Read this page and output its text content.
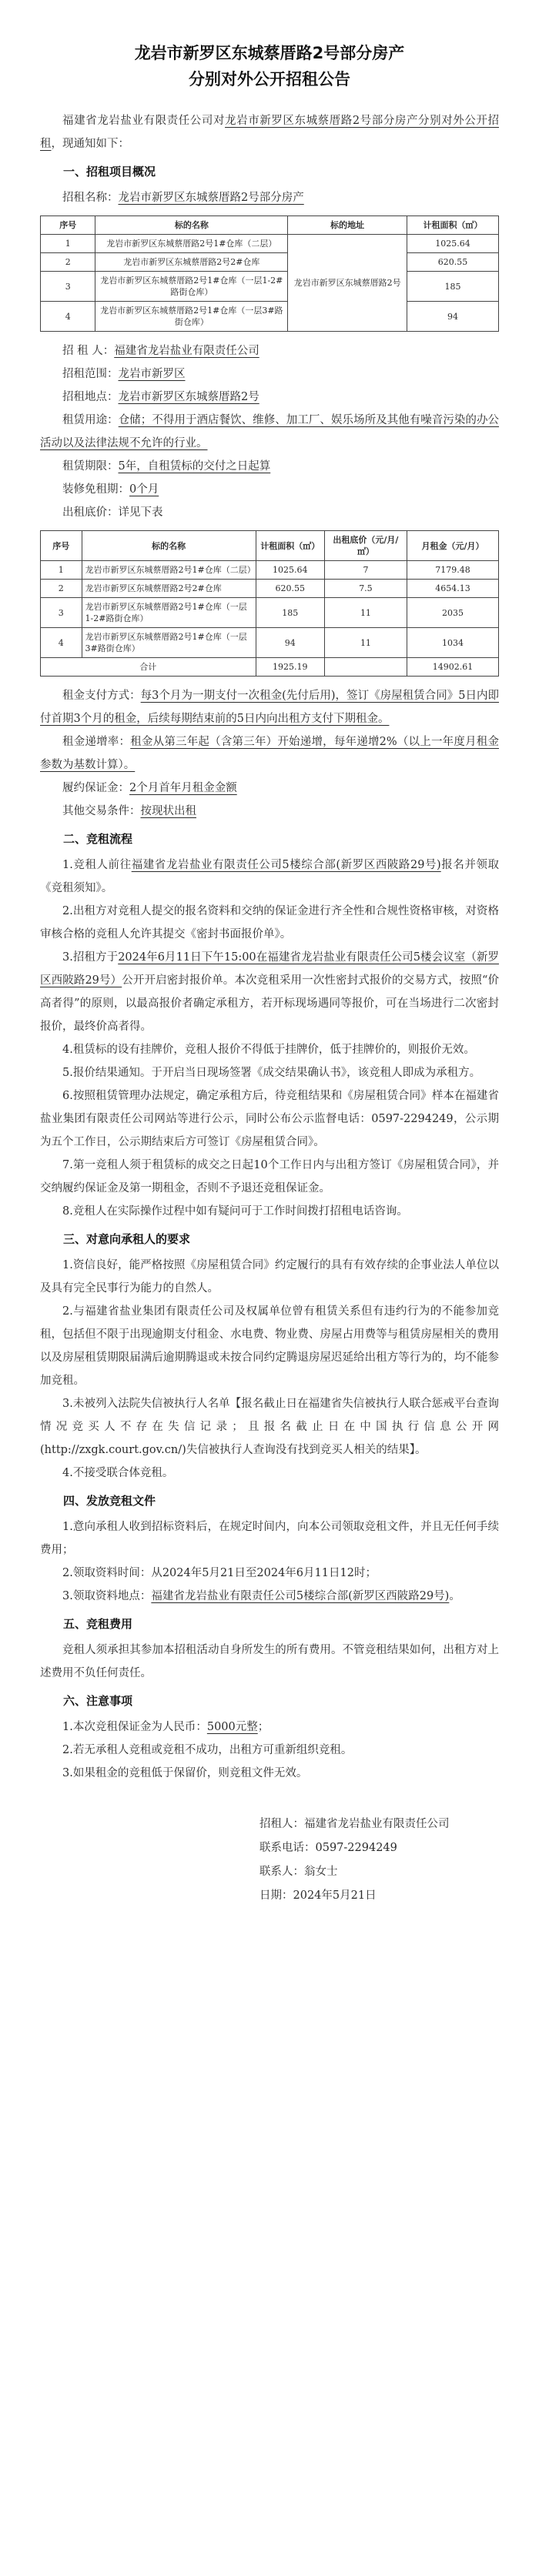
龙岩市新罗区东城蔡厝路2号部分房产
分别对外公开招租公告

福建省龙岩盐业有限责任公司对龙岩市新罗区东城蔡厝路2号部分房产分别对外公开招租，现通知如下：

一、招租项目概况

招租名称：龙岩市新罗区东城蔡厝路2号部分房产

序号	标的名称	标的地址	计租面积（㎡）
1	龙岩市新罗区东城蔡厝路2号1#仓库（二层）	龙岩市新罗区东城蔡厝路2号	1025.64
2	龙岩市新罗区东城蔡厝路2号2#仓库		620.55
3	龙岩市新罗区东城蔡厝路2号1#仓库（一层1-2#路街仓库）		185
4	龙岩市新罗区东城蔡厝路2号1#仓库（一层3#路街仓库）		94

招 租 人：福建省龙岩盐业有限责任公司

招租范围：龙岩市新罗区

招租地点：龙岩市新罗区东城蔡厝路2号

租赁用途：仓储；不得用于酒店餐饮、维修、加工厂、娱乐场所及其他有噪音污染的办公活动以及法律法规不允许的行业。

租赁期限：5年，自租赁标的交付之日起算

装修免租期：0个月

出租底价：详见下表

序号	标的名称	计租面积（㎡）	出租底价（元/月/㎡）	月租金（元/月）
1	龙岩市新罗区东城蔡厝路2号1#仓库（二层）	1025.64	7	7179.48
2	龙岩市新罗区东城蔡厝路2号2#仓库	620.55	7.5	4654.13
3	龙岩市新罗区东城蔡厝路2号1#仓库（一层1-2#路街仓库）	185	11	2035
4	龙岩市新罗区东城蔡厝路2号1#仓库（一层3#路街仓库）	94	11	1034
合计		1925.19		14902.61

租金支付方式：每3个月为一期支付一次租金(先付后用)，签订《房屋租赁合同》5日内即付首期3个月的租金，后续每期结束前的5日内向出租方支付下期租金。

租金递增率：租金从第三年起（含第三年）开始递增，每年递增2%（以上一年度月租金参数为基数计算）。

履约保证金：2个月首年月租金金额

其他交易条件：按现状出租

二、竞租流程

1.竞租人前往福建省龙岩盐业有限责任公司5楼综合部(新罗区西陂路29号)报名并领取《竞租须知》。

2.出租方对竞租人提交的报名资料和交纳的保证金进行齐全性和合规性资格审核，对资格审核合格的竞租人允许其提交《密封书面报价单》。

3.招租方于2024年6月11日下午15:00在福建省龙岩盐业有限责任公司5楼会议室（新罗区西陂路29号）公开开启密封报价单。本次竞租采用一次性密封式报价的交易方式，按照“价高者得”的原则，以最高报价者确定承租方，若开标现场遇同等报价，可在当场进行二次密封报价，最终价高者得。

4.租赁标的设有挂牌价，竞租人报价不得低于挂牌价，低于挂牌价的，则报价无效。

5.报价结果通知。于开启当日现场签署《成交结果确认书》，该竞租人即成为承租方。

6.按照租赁管理办法规定，确定承租方后，待竞租结果和《房屋租赁合同》样本在福建省盐业集团有限责任公司网站等进行公示，同时公布公示监督电话：0597-2294249，公示期为五个工作日，公示期结束后方可签订《房屋租赁合同》。

7.第一竞租人须于租赁标的成交之日起10个工作日内与出租方签订《房屋租赁合同》，并交纳履约保证金及第一期租金，否则不予退还竞租保证金。

8.竞租人在实际操作过程中如有疑问可于工作时间拨打招租电话咨询。

三、对意向承租人的要求

1.资信良好，能严格按照《房屋租赁合同》约定履行的具有有效存续的企事业法人单位以及具有完全民事行为能力的自然人。

2.与福建省盐业集团有限责任公司及权属单位曾有租赁关系但有违约行为的不能参加竞租，包括但不限于出现逾期支付租金、水电费、物业费、房屋占用费等与租赁房屋相关的费用以及房屋租赁期限届满后逾期腾退或未按合同约定腾退房屋迟延给出租方等行为的，均不能参加竞租。

3.未被列入法院失信被执行人名单【报名截止日在福建省失信被执行人联合惩戒平台查询情况竞买人不存在失信记录；且报名截止日在中国执行信息公开网(http://zxgk.court.gov.cn/)失信被执行人查询没有找到竞买人相关的结果】。

4.不接受联合体竞租。

四、发放竞租文件

1.意向承租人收到招标资料后，在规定时间内，向本公司领取竞租文件，并且无任何手续费用；

2.领取资料时间：从2024年5月21日至2024年6月11日12时；

3.领取资料地点：福建省龙岩盐业有限责任公司5楼综合部(新罗区西陂路29号)。

五、竞租费用

竞租人须承担其参加本招租活动自身所发生的所有费用。不管竞租结果如何，出租方对上述费用不负任何责任。

六、注意事项

1.本次竞租保证金为人民币：5000元整；

2.若无承租人竞租或竞租不成功，出租方可重新组织竞租。

3.如果租金的竞租低于保留价，则竞租文件无效。

招租人：福建省龙岩盐业有限责任公司
联系电话：0597-2294249
联系人：翁女士
日期：2024年5月21日
